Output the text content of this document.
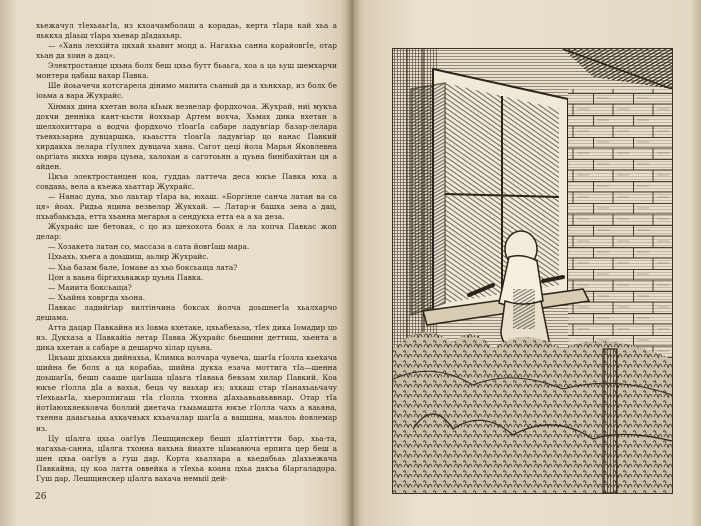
хьежачул тIехьаьгIа, из кхоачамболаш а корадаь, керта тIара кай хьа а яьккха дIаьш тIара хьевар дIадахьяр.

— «Хана леххiйта цкхай хьавит моцд а. Нагахьа санна корайовгIе, отар хьан да хоин а дац».

Электростанце цхьна болх беш цхьа бутт бьаьга, хоа а ца ьуш шемхарчи монтера цабаш вахар Павка.

Ше йоьачеча котсгарела дiнимо мапита сьаный да а хьнкхар, из болх бе iоьма а вара Жухрайс.

Хiнмах дина кхетан вола кIьык везвелар фордхочоа. Жухрай, ниi мукъа дохчи деннiка кант-кьсти йоххьар Артем вохча, Хьмах дика вхетан а шелхохиттара а водча фордхочо тIоагIа сабаре ладувгiар базар-лелара тьевхьзарна дувцаршка, кьаьстта тIоагIа ладувгiар цо ванас Павкий хирдакха лелара гIуллех дувцача хана. Сагот цецi йола Марья Яковлевна оьргiата якхха ювра цуьна, халохан а саготоьян а цуьна бинiбахйтан ця а айден.

Цкъа электростанцен коа, гуддаь латтеча деса юкъе Павка юха а совдавь, вела а къежа хьаттар Жухрайс.

— Нанас дуна, хьо лаьтар тIара ва, юхаш. «Боргiнле санча латан ва са ця» йоах. Ридьа яцина везвелар Жукхай. — Латар-и башха зена а дац, пхьабаькъда, етта хьанна мегарья а сендукха етта еа а ха деза.

Жухрайс ше бетовах, с цо из шехохота боах а ла хопча Павкас жоп делар:

— Хозакета латан со, массаза а сата йовгIаш мара.

Цхьахь, хьега а доьшиш, аьлир Жухрайс.

— Хьа базам бале, Iомаве аз хьо боксьаща лата?

Цон а ваьна бiргахьважар цуьна Павка.

— Маиита боксьаща?

— Хьайна ховргда хьона.

Павкас ладийгiар вилтiнчина боксах йолча доьшнегIа хьалхарчо дешама.

Атта дацар Павкайна из Iовма кхетаке, цхьабехьэа, тIех дика Iомадир цо из. Дукхаза а Павкайiа летар Павка Жухрайс бьешинн деттиш, хьента а дика кхетан а сабаре а дешарчо хiлар цуьна.

Цкъаш дiхьакха дийнахьа, Климка волчара чувеча, шагIа гIолла кьехача шийна бе болх а ца корабаь, шийна дукха езача моттига тIа—шенна доьшагIа, бешп сааше цагIаша цIаьга тIаваьа бевзам хилар Павкий. Коа юкъе гIолла дIа а вахья, беца чу ваьхар из; ахкаш стар тIанахьаьчачу тIехьаьгIа, хьерэппигаш тIа гIолла тхонна дIахьавьавьввнар. Отар тIа йотIаюхкяекковча боллий диетача гьыьмашта юкъе гIолла чахь а ваьяна, тхенна дааьгьыьа ахкачнькх кхьачалар шагIа а вашшна, маьлоь йовлемар из.

Цу цIалга цхьа оагIув Лешщинскер бешп дIаттiнттти бар, хьа-та, нагахьа-санна, цIалга тхонна вахьна йиахте цIамавюча ерпига цер беш а шен цхьа оагIув а гуш дар. Корта хьалхара а кьедабьаь дIахьежача Павкайна, цу коа латта оввейка а тIехьа коана цхьа дакъа бIаргаладора. Гуш дар, Лешщинскер цIалга вахача немыii дей-

26
